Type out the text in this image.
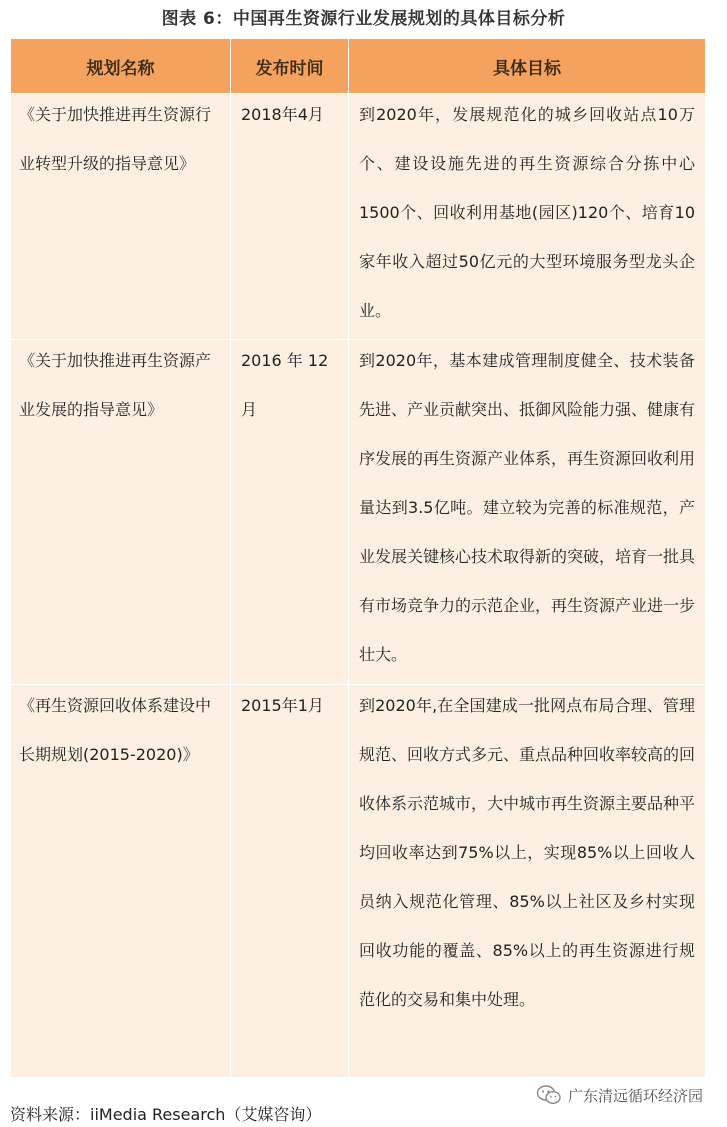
图表 6：中国再生资源行业发展规划的具体目标分析
规划名称	发布时间	具体目标

《关于加快推进再生资源行业转型升级的指导意见》	2018年4月	到2020年，发展规范化的城乡回收站点10万个、建设设施先进的再生资源综合分拣中心1500个、回收利用基地(园区)120个、培育10家年收入超过50亿元的大型环境服务型龙头企业。

《关于加快推进再生资源产业发展的指导意见》	2016 年 12 月	到2020年，基本建成管理制度健全、技术装备先进、产业贡献突出、抵御风险能力强、健康有序发展的再生资源产业体系，再生资源回收利用量达到3.5亿吨。建立较为完善的标准规范，产业发展关键核心技术取得新的突破，培育一批具有市场竞争力的示范企业，再生资源产业进一步壮大。

《再生资源回收体系建设中长期规划(2015-2020)》	2015年1月	到2020年,在全国建成一批网点布局合理、管理规范、回收方式多元、重点品种回收率较高的回收体系示范城市，大中城市再生资源主要品种平均回收率达到75%以上，实现85%以上回收人员纳入规范化管理、85%以上社区及乡村实现回收功能的覆盖、85%以上的再生资源进行规范化的交易和集中处理。
广东清远循环经济园
资料来源：iiMedia Research（艾媒咨询）
